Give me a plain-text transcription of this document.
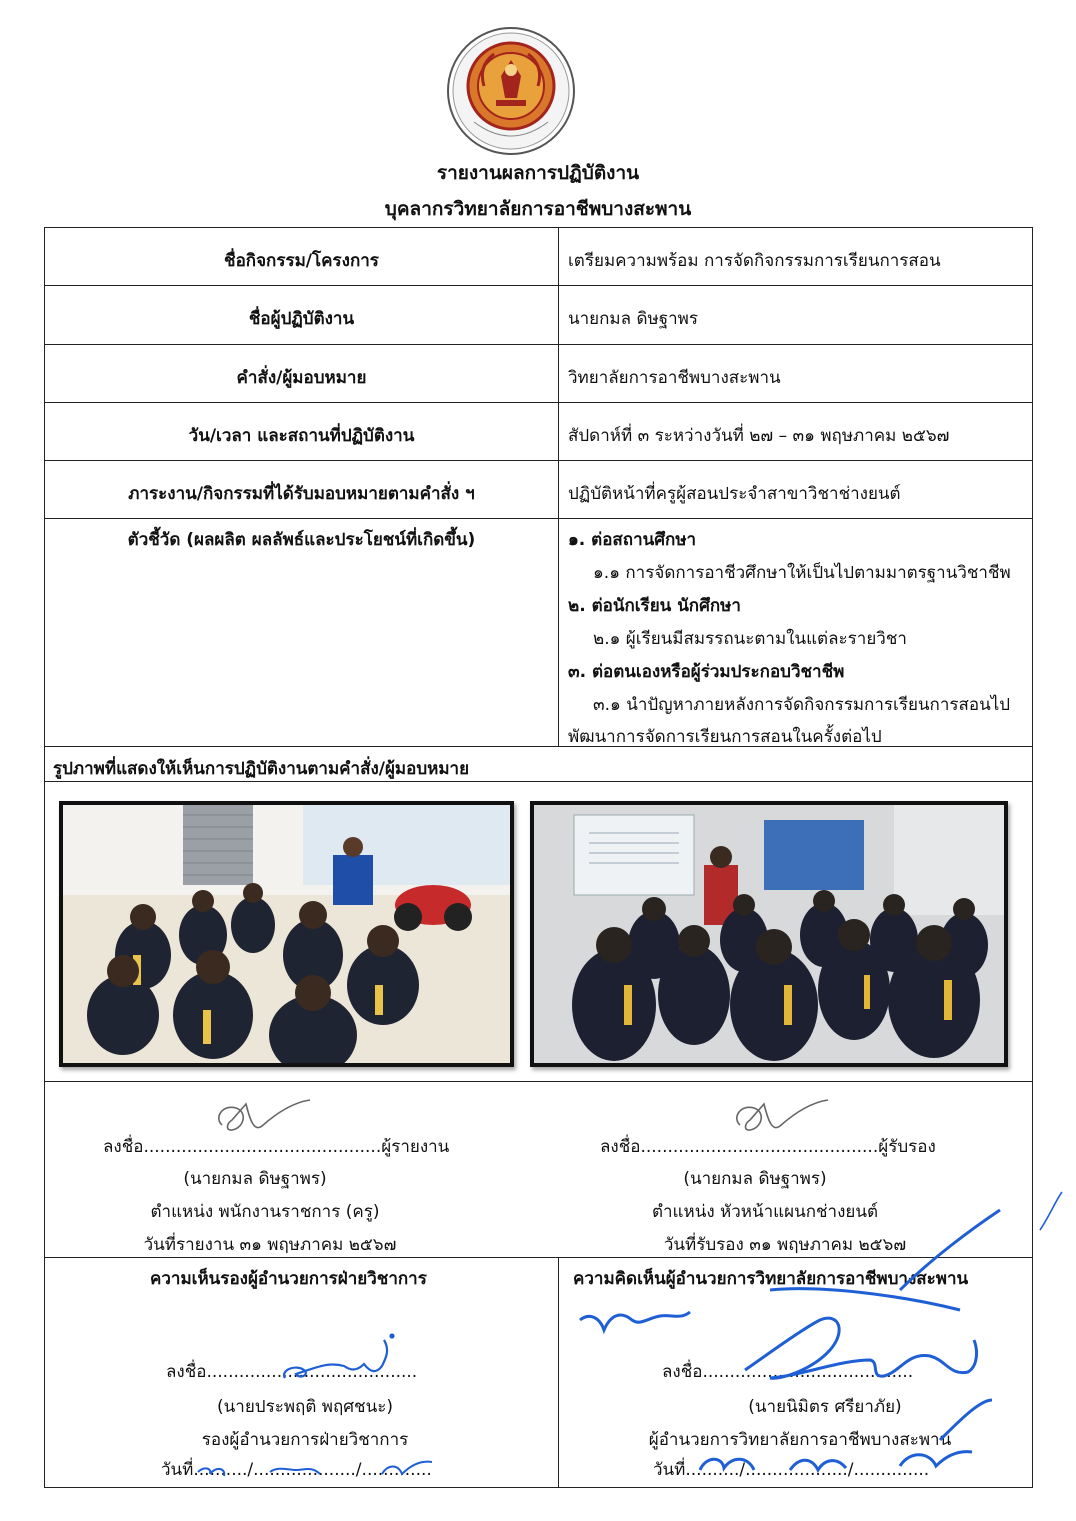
รายงานผลการปฏิบัติงาน
บุคลากรวิทยาลัยการอาชีพบางสะพาน
ชื่อกิจกรรม/โครงการ	เตรียมความพร้อม การจัดกิจกรรมการเรียนการสอน
ชื่อผู้ปฏิบัติงาน	นายกมล ดิษฐาพร
คำสั่ง/ผู้มอบหมาย	วิทยาลัยการอาชีพบางสะพาน
วัน/เวลา และสถานที่ปฏิบัติงาน	สัปดาห์ที่ ๓ ระหว่างวันที่ ๒๗ – ๓๑ พฤษภาคม ๒๕๖๗
ภาระงาน/กิจกรรมที่ได้รับมอบหมายตามคำสั่ง ฯ	ปฏิบัติหน้าที่ครูผู้สอนประจำสาขาวิชาช่างยนต์
ตัวชี้วัด (ผลผลิต ผลลัพธ์และประโยชน์ที่เกิดขึ้น)	๑. ต่อสถานศึกษา
๑.๑ การจัดการอาชีวศึกษาให้เป็นไปตามมาตรฐานวิชาชีพ
๒. ต่อนักเรียน นักศึกษา
๒.๑ ผู้เรียนมีสมรรถนะตามในแต่ละรายวิชา
๓. ต่อตนเองหรือผู้ร่วมประกอบวิชาชีพ
๓.๑ นำปัญหาภายหลังการจัดกิจกรรมการเรียนการสอนไป
พัฒนาการจัดการเรียนการสอนในครั้งต่อไป
รูปภาพที่แสดงให้เห็นการปฏิบัติงานตามคำสั่ง/ผู้มอบหมาย
ลงชื่อ............................................ผู้รายงาน
(นายกมล ดิษฐาพร)
ตำแหน่ง พนักงานราชการ (ครู)
วันที่รายงาน ๓๑ พฤษภาคม ๒๕๖๗
ลงชื่อ............................................ผู้รับรอง
(นายกมล ดิษฐาพร)
ตำแหน่ง หัวหน้าแผนกช่างยนต์
วันที่รับรอง ๓๑ พฤษภาคม ๒๕๖๗
ความเห็นรองผู้อำนวยการฝ่ายวิชาการ
ลงชื่อ.......................................
(นายประพฤติ พฤศชนะ)
รองผู้อำนวยการฝ่ายวิชาการ
วันที่........../.................../.............
ความคิดเห็นผู้อำนวยการวิทยาลัยการอาชีพบางสะพาน
ลงชื่อ.......................................
(นายนิมิตร ศรียาภัย)
ผู้อำนวยการวิทยาลัยการอาชีพบางสะพาน
วันที่........../.................../..............
